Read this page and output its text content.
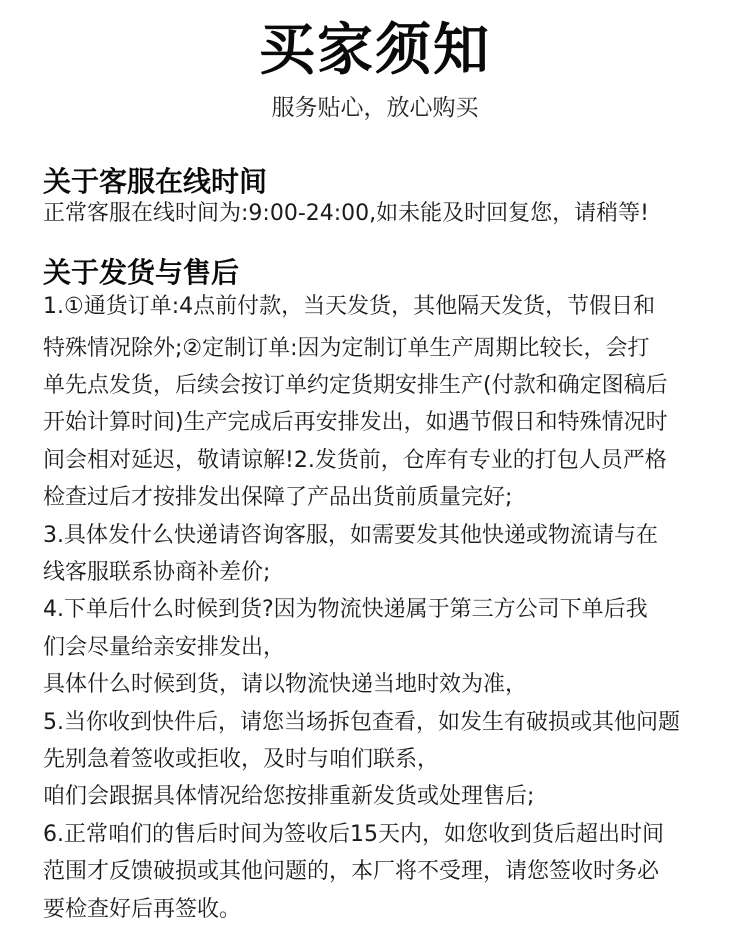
买家须知
服务贴心，放心购买
关于客服在线时间
正常客服在线时间为:9:00-24:00,如未能及时回复您，请稍等!
关于发货与售后
1.①通货订单:4点前付款，当天发货，其他隔天发货，节假日和
特殊情况除外;②定制订单:因为定制订单生产周期比较长，会打
单先点发货，后续会按订单约定货期安排生产(付款和确定图稿后
开始计算时间)生产完成后再安排发出，如遇节假日和特殊情况时
间会相对延迟，敬请谅解!2.发货前，仓库有专业的打包人员严格
检查过后才按排发出保障了产品出货前质量完好;
3.具体发什么快递请咨询客服，如需要发其他快递或物流请与在
线客服联系协商补差价;
4.下单后什么时候到货?因为物流快递属于第三方公司下单后我
们会尽量给亲安排发出，
具体什么时候到货，请以物流快递当地时效为准，
5.当你收到快件后，请您当场拆包查看，如发生有破损或其他问题
先别急着签收或拒收，及时与咱们联系，
咱们会跟据具体情况给您按排重新发货或处理售后;
6.正常咱们的售后时间为签收后15天内，如您收到货后超出时间
范围才反馈破损或其他问题的，本厂将不受理，请您签收时务必
要检查好后再签收。
